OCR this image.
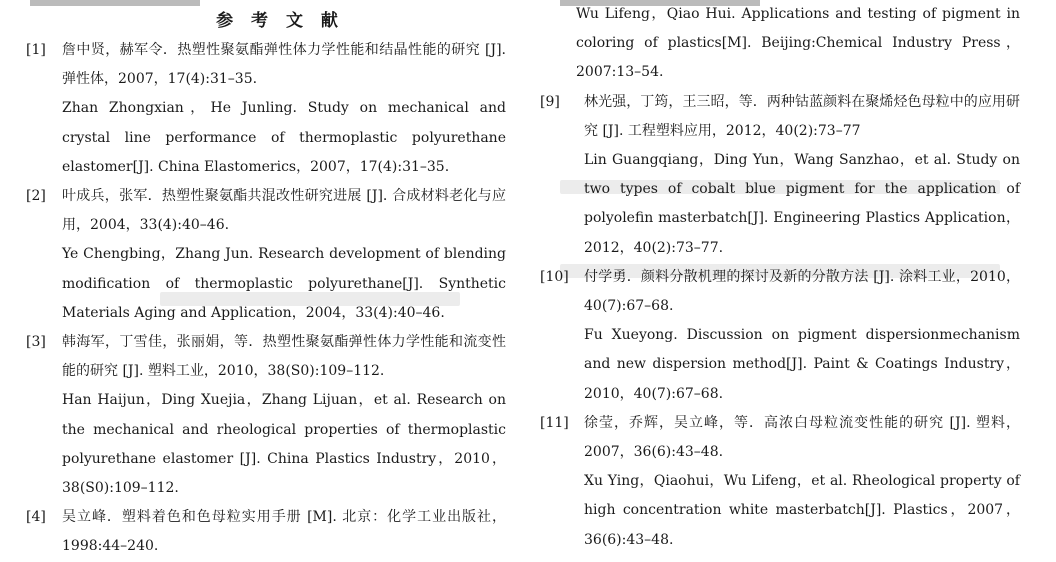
参 考 文 献
[1] 詹中贤，赫军令．热塑性聚氨酯弹性体力学性能和结晶性能的研究 [J]. 弹性体，2007，17(4):31–35.
Zhan Zhongxian，He Junling. Study on mechanical and crystal line performance of thermoplastic polyurethane elastomer[J]. China Elastomerics，2007，17(4):31–35.
[2] 叶成兵，张军．热塑性聚氨酯共混改性研究进展 [J]. 合成材料老化与应用，2004，33(4):40–46.
Ye Chengbing，Zhang Jun. Research development of blending modification of thermoplastic polyurethane[J]. Synthetic Materials Aging and Application，2004，33(4):40–46.
[3] 韩海军，丁雪佳，张丽娟，等．热塑性聚氨酯弹性体力学性能和流变性能的研究 [J]. 塑料工业，2010，38(S0):109–112.
Han Haijun，Ding Xuejia，Zhang Lijuan，et al. Research on the mechanical and rheological properties of thermoplastic polyurethane elastomer [J]. China Plastics Industry，2010，38(S0):109–112.
[4] 吴立峰．塑料着色和色母粒实用手册 [M]. 北京：化学工业出版社，1998:44–240.
Wu Lifeng，Qiao Hui. Applications and testing of pigment in coloring of plastics[M]. Beijing:Chemical Industry Press，2007:13–54.
[9] 林光强，丁筠，王三昭，等．两种钴蓝颜料在聚烯烃色母粒中的应用研究 [J]. 工程塑料应用，2012，40(2):73–77
Lin Guangqiang，Ding Yun，Wang Sanzhao，et al. Study on two types of cobalt blue pigment for the application of polyolefin masterbatch[J]. Engineering Plastics Application，2012，40(2):73–77.
[10] 付学勇．颜料分散机理的探讨及新的分散方法 [J]. 涂料工业，2010，40(7):67–68.
Fu Xueyong. Discussion on pigment dispersionmechanism and new dispersion method[J]. Paint & Coatings Industry，2010，40(7):67–68.
[11] 徐莹，乔辉，吴立峰，等．高浓白母粒流变性能的研究 [J]. 塑料，2007，36(6):43–48.
Xu Ying，Qiaohui，Wu Lifeng，et al. Rheological property of high concentration white masterbatch[J]. Plastics，2007，36(6):43–48.
